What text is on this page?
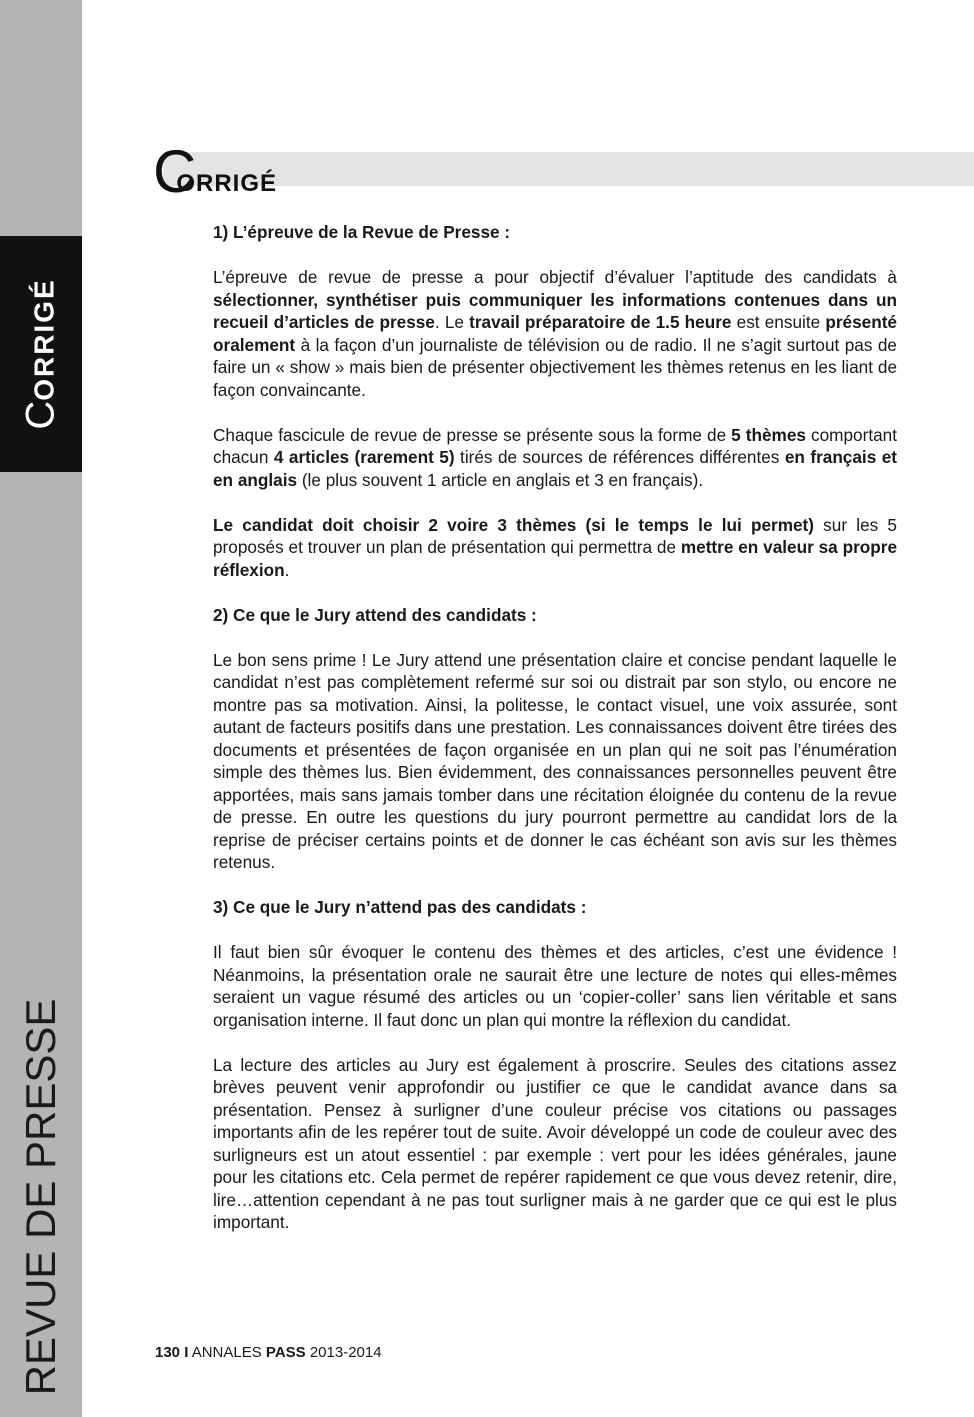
CORRIGÉ
REVUE DE PRESSE
CORRIGÉ
1) L’épreuve de la Revue de Presse :

L’épreuve de revue de presse a pour objectif d’évaluer l’aptitude des candidats à sélectionner, synthétiser puis communiquer les informations contenues dans un recueil d’articles de presse. Le travail préparatoire de 1.5 heure est ensuite présenté oralement à la façon d’un journaliste de télévision ou de radio. Il ne s’agit surtout pas de faire un « show » mais bien de présenter objectivement les thèmes retenus en les liant de façon convaincante.

Chaque fascicule de revue de presse se présente sous la forme de 5 thèmes comportant chacun 4 articles (rarement 5) tirés de sources de références différentes en français et en anglais (le plus souvent 1 article en anglais et 3 en français).

Le candidat doit choisir 2 voire 3 thèmes (si le temps le lui permet) sur les 5 proposés et trouver un plan de présentation qui permettra de mettre en valeur sa propre réflexion.

2) Ce que le Jury attend des candidats :

Le bon sens prime ! Le Jury attend une présentation claire et concise pendant laquelle le candidat n’est pas complètement refermé sur soi ou distrait par son stylo, ou encore ne montre pas sa motivation. Ainsi, la politesse, le contact visuel, une voix assurée, sont autant de facteurs positifs dans une prestation. Les connaissances doivent être tirées des documents et présentées de façon organisée en un plan qui ne soit pas l’énumération simple des thèmes lus. Bien évidemment, des connaissances personnelles peuvent être apportées, mais sans jamais tomber dans une récitation éloignée du contenu de la revue de presse. En outre les questions du jury pourront permettre au candidat lors de la reprise de préciser certains points et de donner le cas échéant son avis sur les thèmes retenus.

3) Ce que le Jury n’attend pas des candidats :

Il faut bien sûr évoquer le contenu des thèmes et des articles, c’est une évidence ! Néanmoins, la présentation orale ne saurait être une lecture de notes qui elles-mêmes seraient un vague résumé des articles ou un ‘copier-coller’ sans lien véritable et sans organisation interne. Il faut donc un plan qui montre la réflexion du candidat.

La lecture des articles au Jury est également à proscrire. Seules des citations assez brèves peuvent venir approfondir ou justifier ce que le candidat avance dans sa présentation. Pensez à surligner d’une couleur précise vos citations ou passages importants afin de les repérer tout de suite. Avoir développé un code de couleur avec des surligneurs est un atout essentiel : par exemple : vert pour les idées générales, jaune pour les citations etc. Cela permet de repérer rapidement ce que vous devez retenir, dire, lire…attention cependant à ne pas tout surligner mais à ne garder que ce qui est le plus important.

130 I ANNALES PASS 2013-2014
